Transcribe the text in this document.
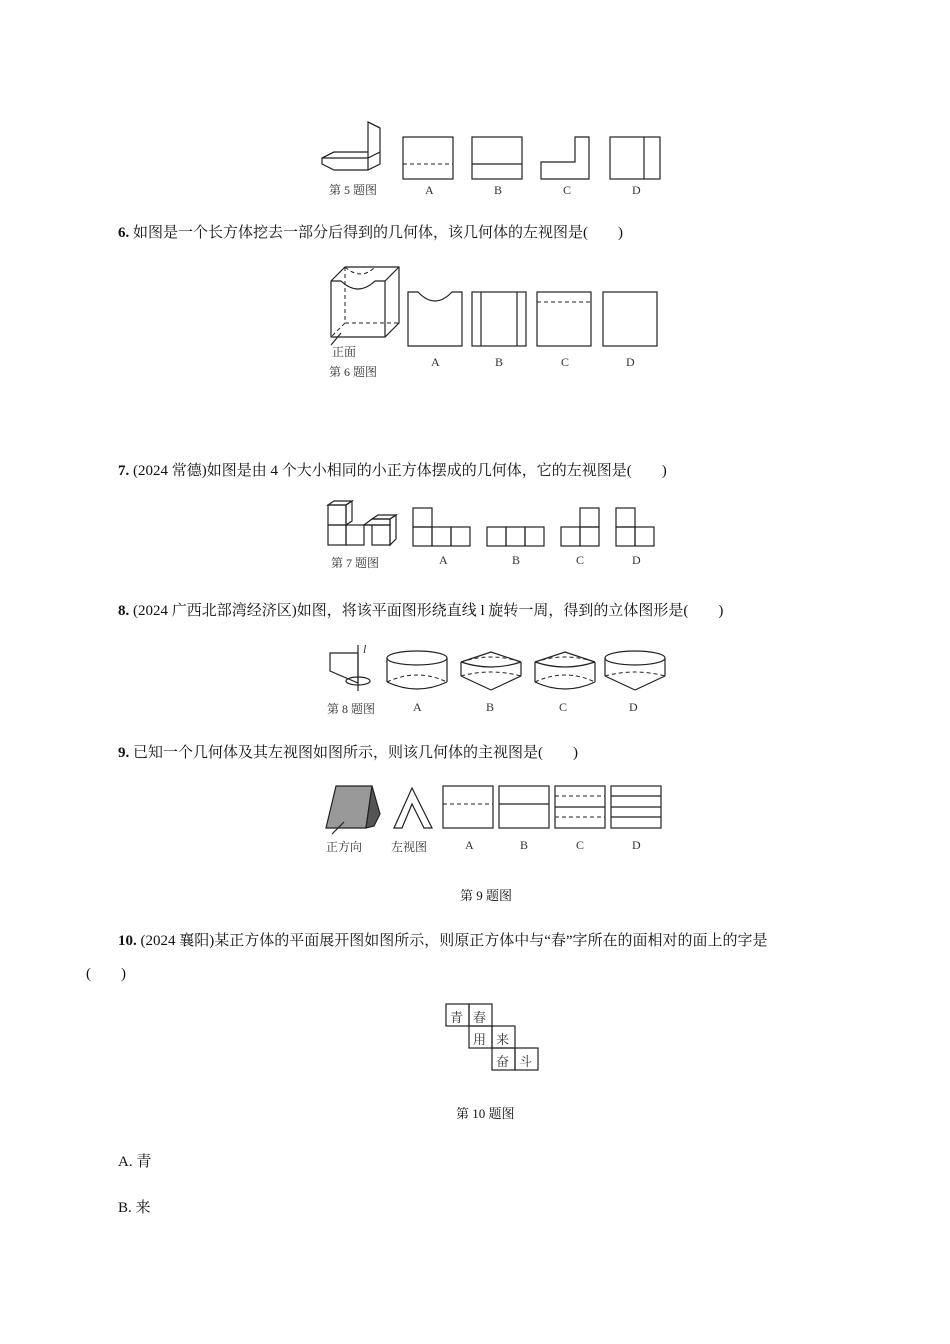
第 5 题图	A	B	C	D
6. 如图是一个长方体挖去一部分后得到的几何体，该几何体的左视图是(　　)
正面
第 6 题图
A	B	C	D
7. (2024 常德)如图是由 4 个大小相同的小正方体摆成的几何体，它的左视图是(　　)
第 7 题图	A	B	C	D
8. (2024 广西北部湾经济区)如图，将该平面图形绕直线 l 旋转一周，得到的立体图形是(　　)
l
第 8 题图	A	B	C	D
9. 已知一个几何体及其左视图如图所示，则该几何体的主视图是(　　)
正方向 左视图	A	B	C	D
第 9 题图
10. (2024 襄阳)某正方体的平面展开图如图所示，则原正方体中与“春”字所在的面相对的面上的字是
(　　)
青 春
用 来
奋 斗
第 10 题图
A. 青
B. 来
